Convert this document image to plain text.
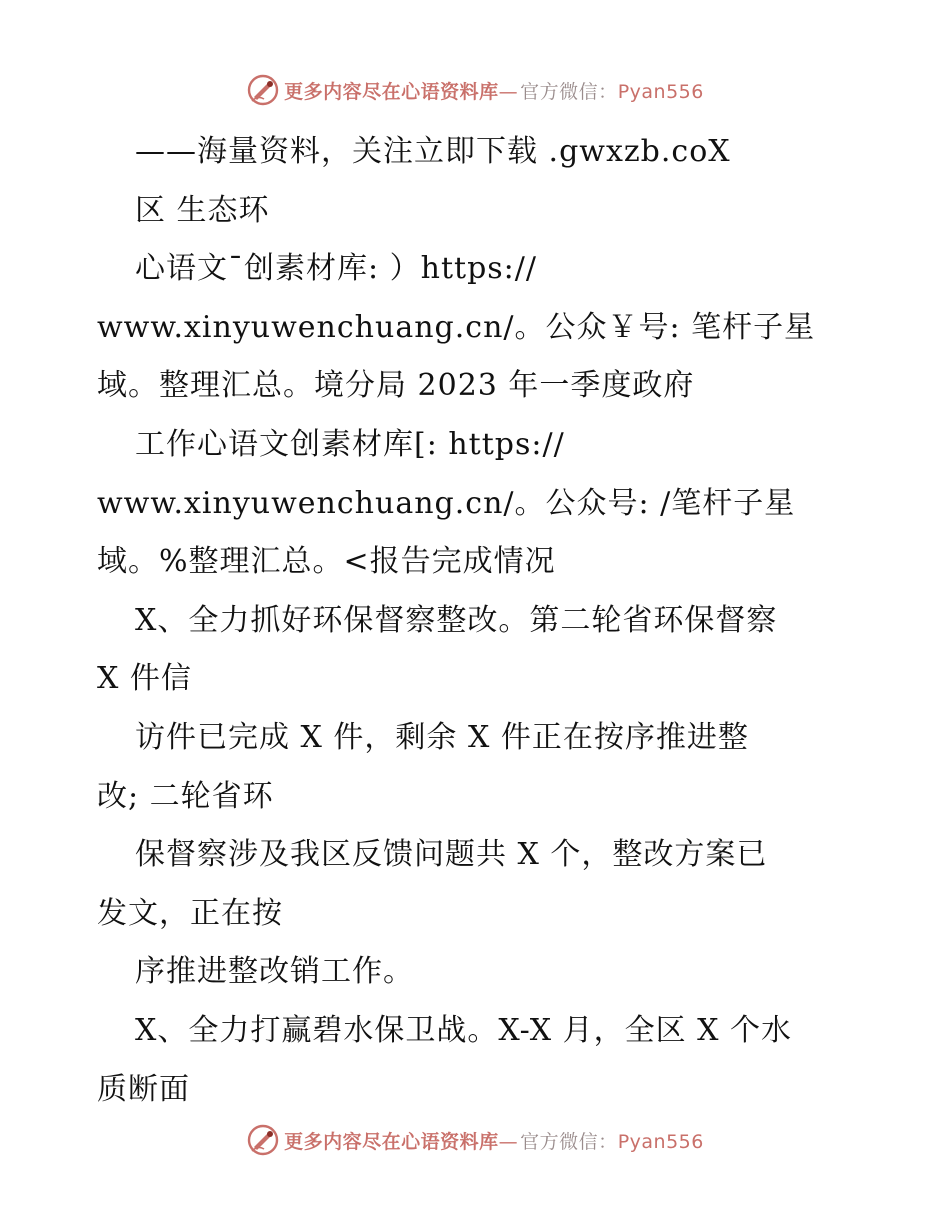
更多内容尽在心语资料库— 官方微信：Pyan556
——海量资料，关注立即下载 .gwxzb.coX
区 生态环
心语文¯创素材库: ）https://
www.xinyuwenchuang.cn/。公众￥号: 笔杆子星
域。整理汇总。境分局 2023 年一季度政府
工作心语文创素材库[: https://
www.xinyuwenchuang.cn/。公众号: /笔杆子星
域。%整理汇总。<报告完成情况
X、全力抓好环保督察整改。第二轮省环保督察
X 件信
访件已完成 X 件，剩余 X 件正在按序推进整
改; 二轮省环
保督察涉及我区反馈问题共 X 个，整改方案已
发文，正在按
序推进整改销工作。
X、全力打赢碧水保卫战。X-X 月，全区 X 个水
质断面
更多内容尽在心语资料库— 官方微信：Pyan556
